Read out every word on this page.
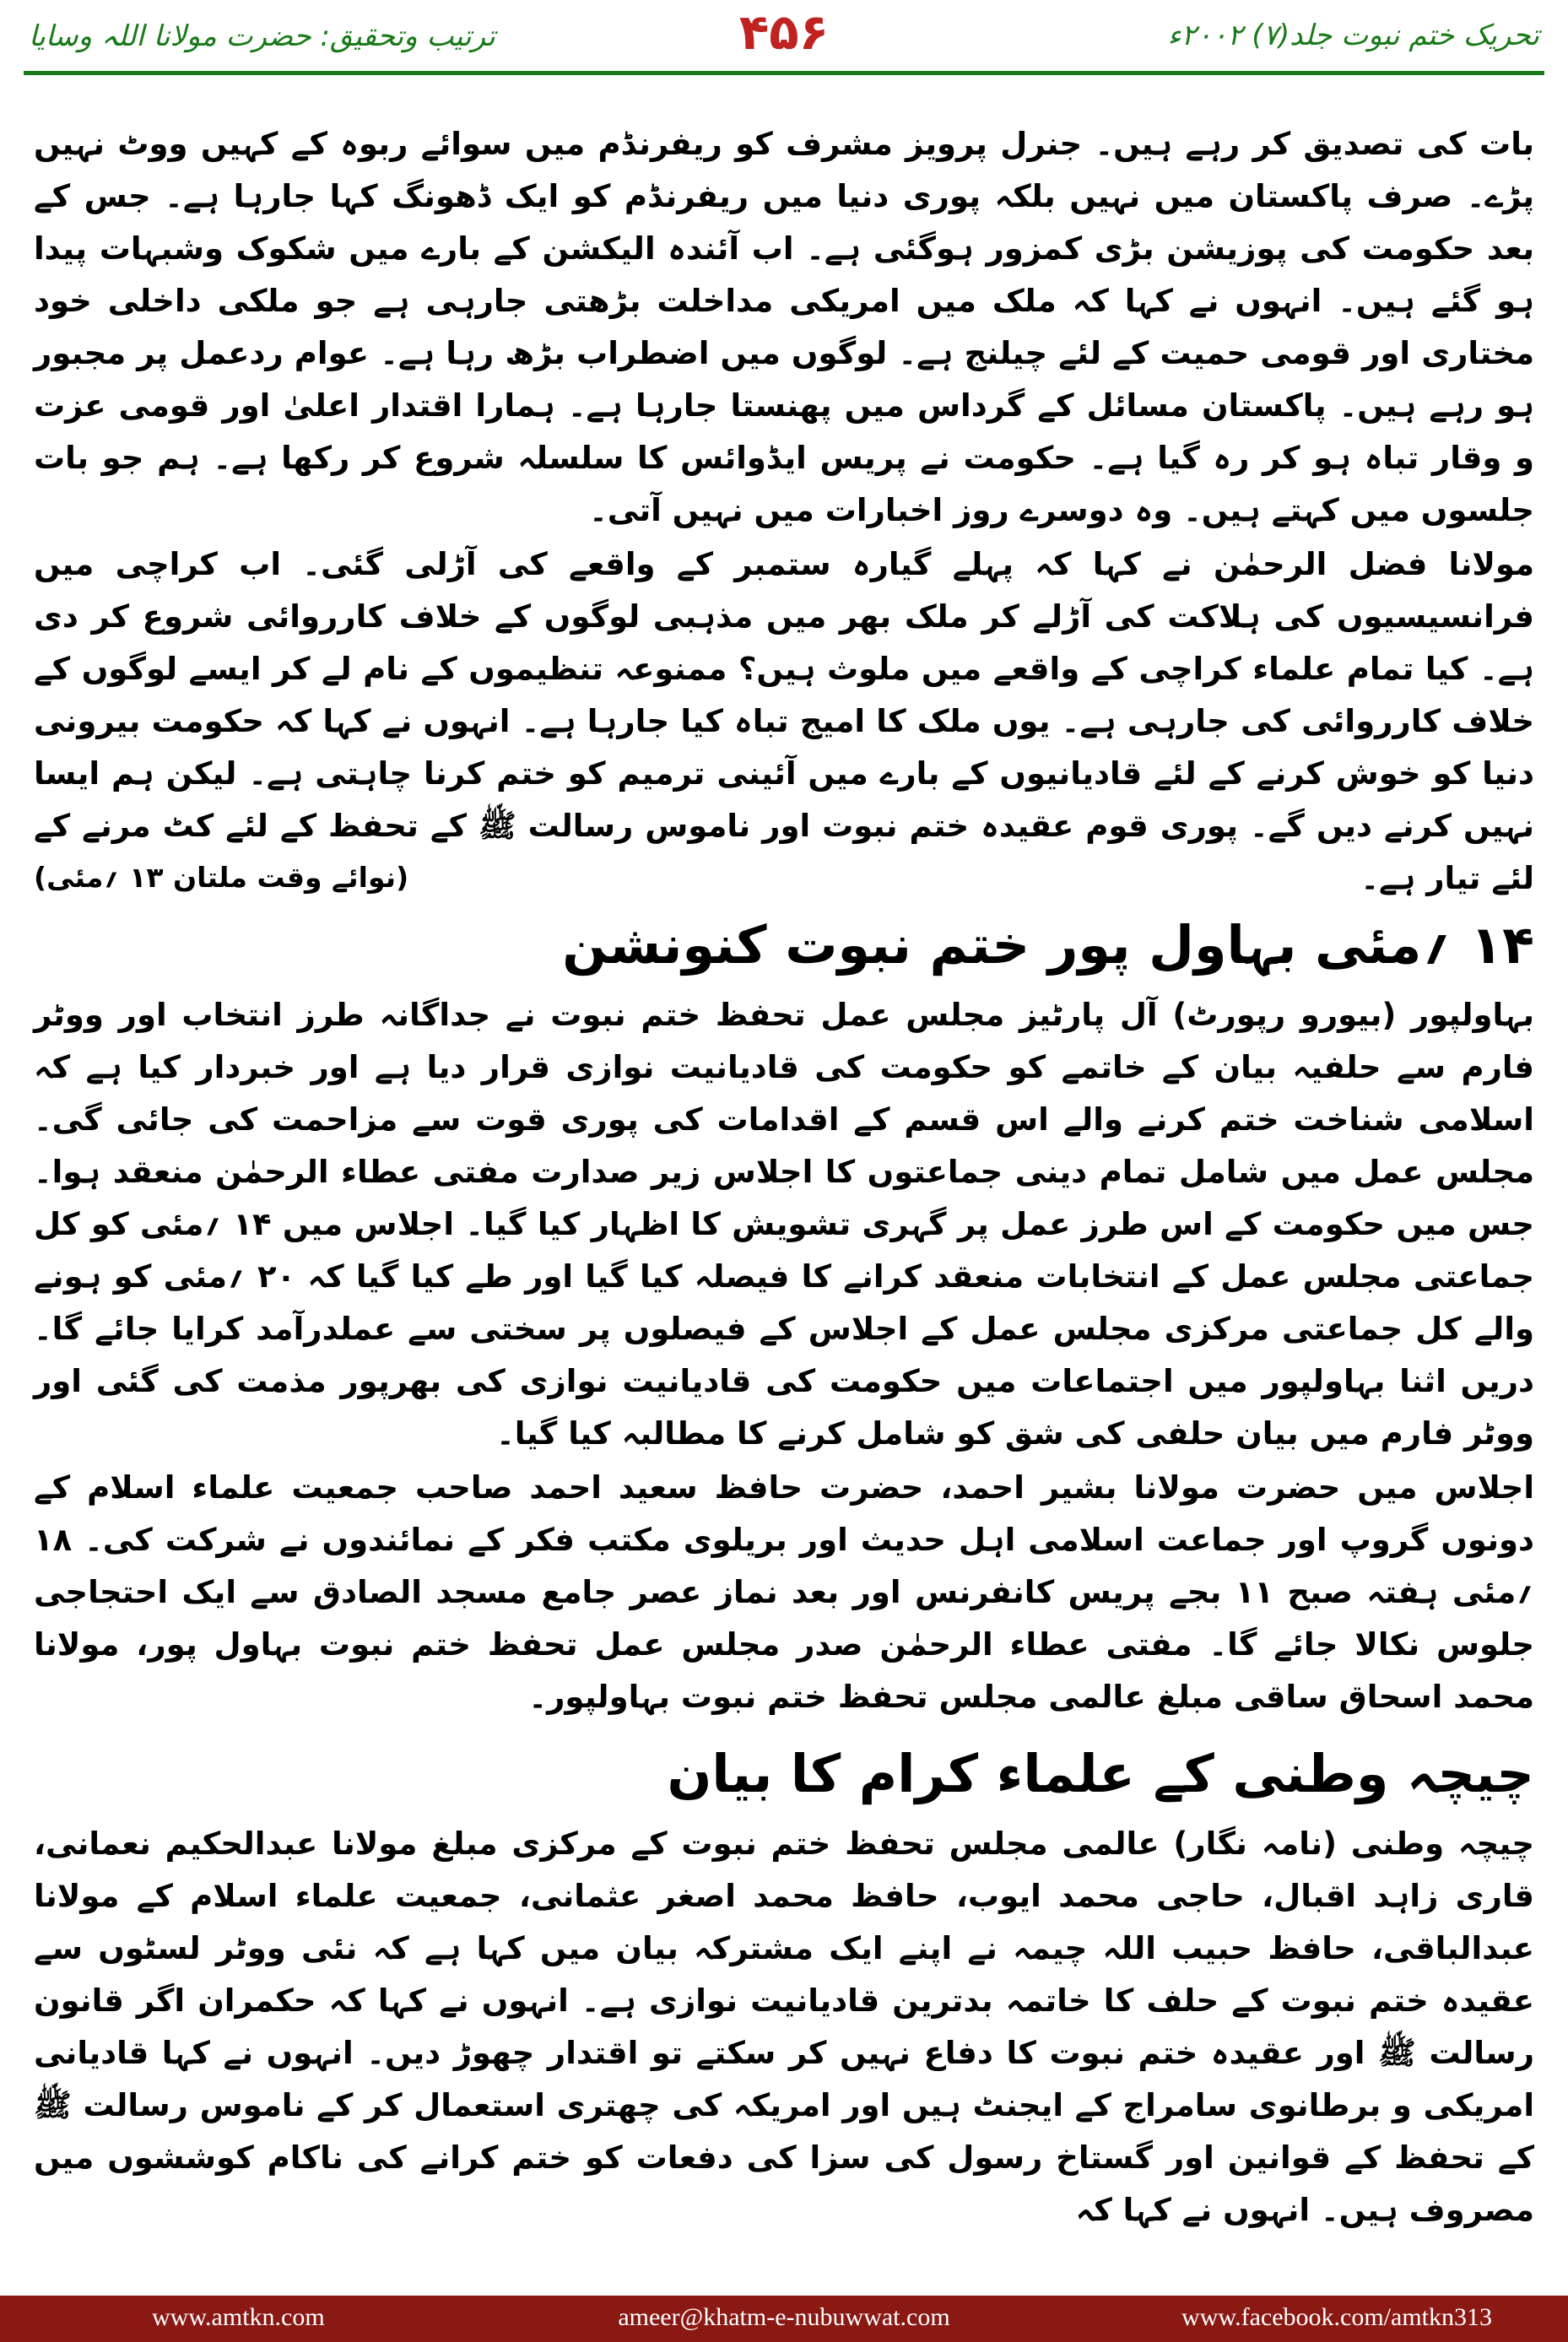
تحریک ختم نبوت جلد(۷) ۲۰۰۲ء
۴۵۶
ترتیب وتحقیق: حضرت مولانا اللہ وسایا

بات کی تصدیق کر رہے ہیں۔ جنرل پرویز مشرف کو ریفرنڈم میں سوائے ربوہ کے کہیں ووٹ نہیں پڑے۔ صرف پاکستان میں نہیں بلکہ پوری دنیا میں ریفرنڈم کو ایک ڈھونگ کہا جارہا ہے۔ جس کے بعد حکومت کی پوزیشن بڑی کمزور ہوگئی ہے۔ اب آئندہ الیکشن کے بارے میں شکوک وشبہات پیدا ہو گئے ہیں۔ انہوں نے کہا کہ ملک میں امریکی مداخلت بڑھتی جارہی ہے جو ملکی داخلی خود مختاری اور قومی حمیت کے لئے چیلنج ہے۔ لوگوں میں اضطراب بڑھ رہا ہے۔ عوام ردعمل پر مجبور ہو رہے ہیں۔ پاکستان مسائل کے گرداس میں پھنستا جارہا ہے۔ ہمارا اقتدار اعلیٰ اور قومی عزت و وقار تباہ ہو کر رہ گیا ہے۔ حکومت نے پریس ایڈوائس کا سلسلہ شروع کر رکھا ہے۔ ہم جو بات جلسوں میں کہتے ہیں۔ وہ دوسرے روز اخبارات میں نہیں آتی۔

مولانا فضل الرحمٰن نے کہا کہ پہلے گیارہ ستمبر کے واقعے کی آڑلی گئی۔ اب کراچی میں فرانسیسیوں کی ہلاکت کی آڑلے کر ملک بھر میں مذہبی لوگوں کے خلاف کارروائی شروع کر دی ہے۔ کیا تمام علماء کراچی کے واقعے میں ملوث ہیں؟ ممنوعہ تنظیموں کے نام لے کر ایسے لوگوں کے خلاف کارروائی کی جارہی ہے۔ یوں ملک کا امیج تباہ کیا جارہا ہے۔ انہوں نے کہا کہ حکومت بیرونی دنیا کو خوش کرنے کے لئے قادیانیوں کے بارے میں آئینی ترمیم کو ختم کرنا چاہتی ہے۔ لیکن ہم ایسا نہیں کرنے دیں گے۔ پوری قوم عقیدہ ختم نبوت اور ناموس رسالت ﷺ کے تحفظ کے لئے کٹ مرنے کے لئے تیار ہے۔

(نوائے وقت ملتان ۱۳ ؍مئی)
۱۴ ؍مئی بہاول پور ختم نبوت کنونشن

بہاولپور (بیورو رپورٹ) آل پارٹیز مجلس عمل تحفظ ختم نبوت نے جداگانہ طرز انتخاب اور ووٹر فارم سے حلفیہ بیان کے خاتمے کو حکومت کی قادیانیت نوازی قرار دیا ہے اور خبردار کیا ہے کہ اسلامی شناخت ختم کرنے والے اس قسم کے اقدامات کی پوری قوت سے مزاحمت کی جائی گی۔ مجلس عمل میں شامل تمام دینی جماعتوں کا اجلاس زیر صدارت مفتی عطاء الرحمٰن منعقد ہوا۔ جس میں حکومت کے اس طرز عمل پر گہری تشویش کا اظہار کیا گیا۔ اجلاس میں ۱۴ ؍مئی کو کل جماعتی مجلس عمل کے انتخابات منعقد کرانے کا فیصلہ کیا گیا اور طے کیا گیا کہ ۲۰ ؍مئی کو ہونے والے کل جماعتی مرکزی مجلس عمل کے اجلاس کے فیصلوں پر سختی سے عملدرآمد کرایا جائے گا۔ دریں اثنا بہاولپور میں اجتماعات میں حکومت کی قادیانیت نوازی کی بھرپور مذمت کی گئی اور ووٹر فارم میں بیان حلفی کی شق کو شامل کرنے کا مطالبہ کیا گیا۔

اجلاس میں حضرت مولانا بشیر احمد، حضرت حافظ سعید احمد صاحب جمعیت علماء اسلام کے دونوں گروپ اور جماعت اسلامی اہل حدیث اور بریلوی مکتب فکر کے نمائندوں نے شرکت کی۔ ۱۸ ؍مئی ہفتہ صبح ۱۱ بجے پریس کانفرنس اور بعد نماز عصر جامع مسجد الصادق سے ایک احتجاجی جلوس نکالا جائے گا۔ مفتی عطاء الرحمٰن صدر مجلس عمل تحفظ ختم نبوت بہاول پور، مولانا محمد اسحاق ساقی مبلغ عالمی مجلس تحفظ ختم نبوت بہاولپور۔

چیچہ وطنی کے علماء کرام کا بیان

چیچہ وطنی (نامہ نگار) عالمی مجلس تحفظ ختم نبوت کے مرکزی مبلغ مولانا عبدالحکیم نعمانی، قاری زاہد اقبال، حاجی محمد ایوب، حافظ محمد اصغر عثمانی، جمعیت علماء اسلام کے مولانا عبدالباقی، حافظ حبیب اللہ چیمہ نے اپنے ایک مشترکہ بیان میں کہا ہے کہ نئی ووٹر لسٹوں سے عقیدہ ختم نبوت کے حلف کا خاتمہ بدترین قادیانیت نوازی ہے۔ انہوں نے کہا کہ حکمران اگر قانون رسالت ﷺ اور عقیدہ ختم نبوت کا دفاع نہیں کر سکتے تو اقتدار چھوڑ دیں۔ انہوں نے کہا قادیانی امریکی و برطانوی سامراج کے ایجنٹ ہیں اور امریکہ کی چھتری استعمال کر کے ناموس رسالت ﷺ کے تحفظ کے قوانین اور گستاخ رسول کی سزا کی دفعات کو ختم کرانے کی ناکام کوششوں میں مصروف ہیں۔ انہوں نے کہا کہ

www.amtkn.com	ameer@khatm-e-nubuwwat.com	www.facebook.com/amtkn313
